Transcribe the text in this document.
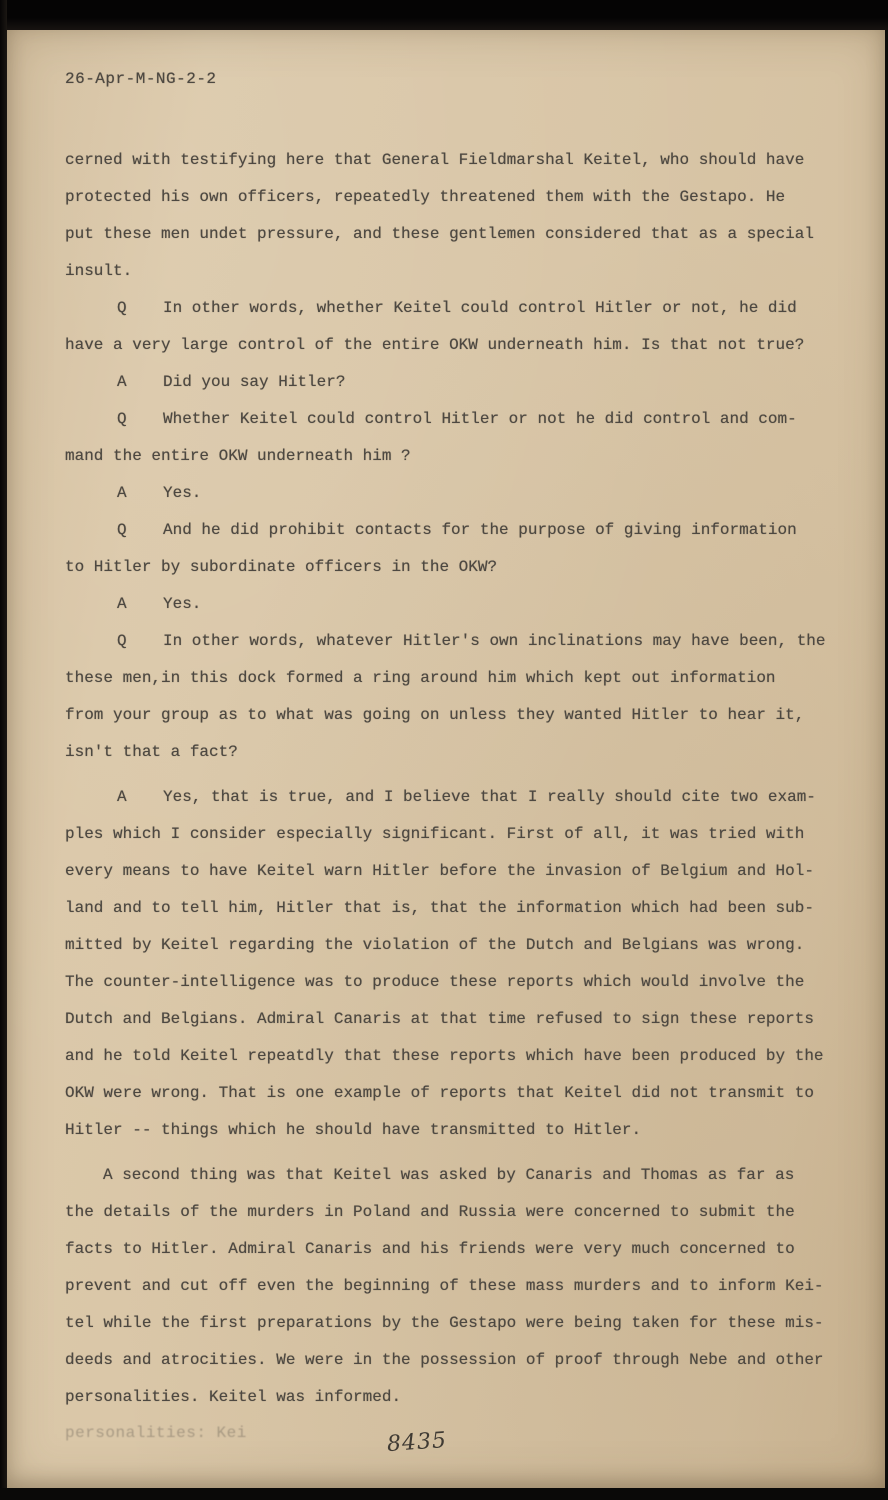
26-Apr-M-NG-2-2
cerned with testifying here that General Fieldmarshal Keitel, who should have
protected his own officers, repeatedly threatened them with the Gestapo. He
put these men undet pressure, and these gentlemen considered that as a special
insult.
Q In other words, whether Keitel could control Hitler or not, he did
have a very large control of the entire OKW underneath him. Is that not true?
A Did you say Hitler?
Q Whether Keitel could control Hitler or not he did control and com-
mand the entire OKW underneath him ?
A Yes.
Q And he did prohibit contacts for the purpose of giving information
to Hitler by subordinate officers in the OKW?
A Yes.
Q In other words, whatever Hitler's own inclinations may have been, the
these men,in this dock formed a ring around him which kept out information
from your group as to what was going on unless they wanted Hitler to hear it,
isn't that a fact?
A Yes, that is true, and I believe that I really should cite two exam-
ples which I consider especially significant. First of all, it was tried with
every means to have Keitel warn Hitler before the invasion of Belgium and Hol-
land and to tell him, Hitler that is, that the information which had been sub-
mitted by Keitel regarding the violation of the Dutch and Belgians was wrong.
The counter-intelligence was to produce these reports which would involve the
Dutch and Belgians. Admiral Canaris at that time refused to sign these reports
and he told Keitel repeatdly that these reports which have been produced by the
OKW were wrong. That is one example of reports that Keitel did not transmit to
Hitler -- things which he should have transmitted to Hitler.
A second thing was that Keitel was asked by Canaris and Thomas as far as
the details of the murders in Poland and Russia were concerned to submit the
facts to Hitler. Admiral Canaris and his friends were very much concerned to
prevent and cut off even the beginning of these mass murders and to inform Kei-
tel while the first preparations by the Gestapo were being taken for these mis-
deeds and atrocities. We were in the possession of proof through Nebe and other
personalities. Keitel was informed.
personalities: Kei	8435
